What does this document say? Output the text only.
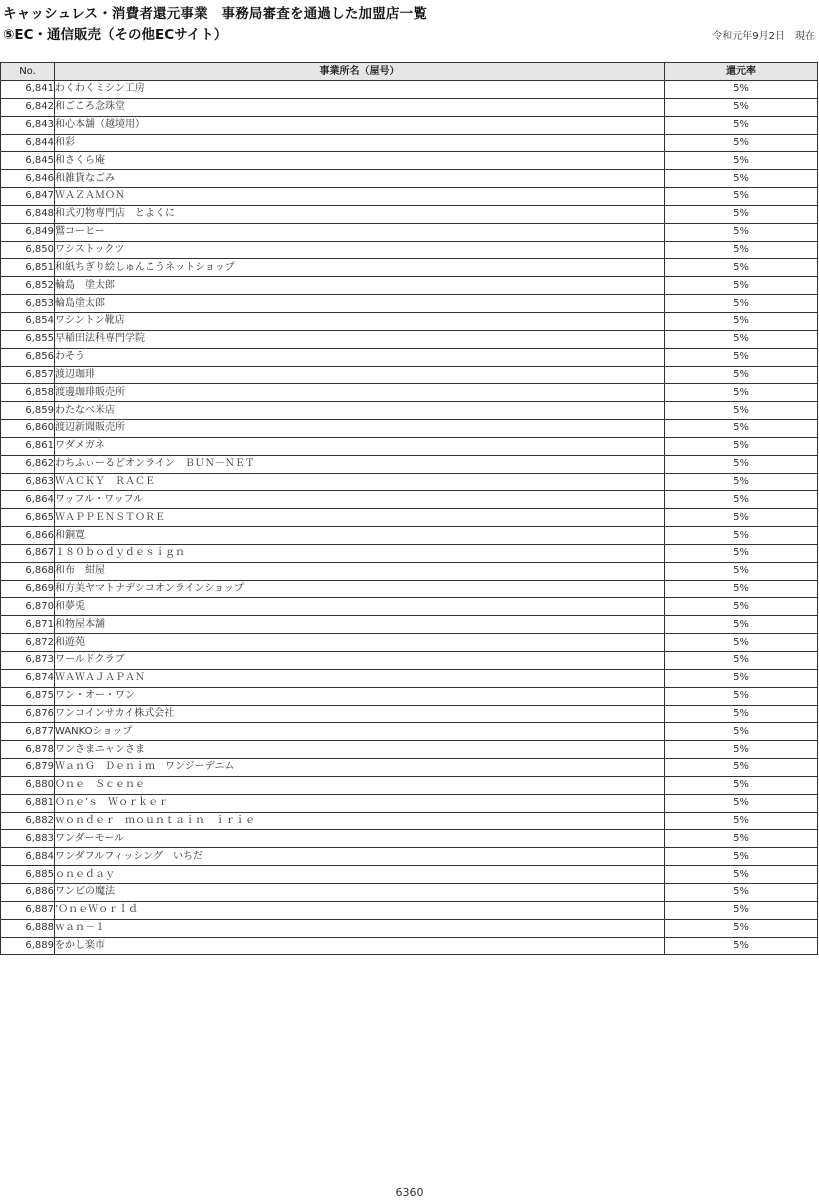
キャッシュレス・消費者還元事業　事務局審査を通過した加盟店一覧
⑤EC・通信販売（その他ECサイト）	令和元年9月2日　現在
No.	事業所名（屋号）	還元率
6,841	わくわくミシン工房	5%
6,842	和ごころ念珠堂	5%
6,843	和心本舗（越境用）	5%
6,844	和彩	5%
6,845	和さくら庵	5%
6,846	和雑貨なごみ	5%
6,847	ＷＡＺＡＭＯＮ	5%
6,848	和式刃物専門店　とよくに	5%
6,849	鷲コーヒー	5%
6,850	ワシストックツ	5%
6,851	和紙ちぎり絵しゅんこうネットショップ	5%
6,852	輪島　塗太郎	5%
6,853	輪島塗太郎	5%
6,854	ワシントン靴店	5%
6,855	早稲田法科専門学院	5%
6,856	わそう	5%
6,857	渡辺珈琲	5%
6,858	渡邊珈琲販売所	5%
6,859	わたなべ米店	5%
6,860	渡辺新聞販売所	5%
6,861	ワダメガネ	5%
6,862	わちふぃーるどオンライン　ＢＵＮ－ＮＥＴ	5%
6,863	ＷＡＣＫＹ　ＲＡＣＥ	5%
6,864	ワッフル・ワッフル	5%
6,865	ＷＡＰＰＥＮＳＴＯＲＥ	5%
6,866	和銅寛	5%
6,867	１８０ｂｏｄｙｄｅｓｉｇｎ	5%
6,868	和布　紺屋	5%
6,869	和方美ヤマトナデシコオンラインショップ	5%
6,870	和夢兎	5%
6,871	和物屋本舗	5%
6,872	和遊苑	5%
6,873	ワールドクラブ	5%
6,874	ＷＡＷＡＪＡＰＡＮ	5%
6,875	ワン・オー・ワン	5%
6,876	ワンコインサカイ株式会社	5%
6,877	WANKOショップ	5%
6,878	ワンさまニャンさま	5%
6,879	ＷａｎＧ　Ｄｅｎｉｍ　ワンジーデニム	5%
6,880	Ｏｎｅ　Ｓｃｅｎｅ	5%
6,881	Ｏｎｅ’ｓ　Ｗｏｒｋｅｒ	5%
6,882	ｗｏｎｄｅｒ　ｍｏｕｎｔａｉｎ　ｉｒｉｅ	5%
6,883	ワンダーモール	5%
6,884	ワンダフルフィッシング　いちだ	5%
6,885	ｏｎｅｄａｙ	5%
6,886	ワンピの魔法	5%
6,887	’ＯｎｅＷｏｒｌｄ	5%
6,888	ｗａｎ－１	5%
6,889	をかし楽市	5%
6360
